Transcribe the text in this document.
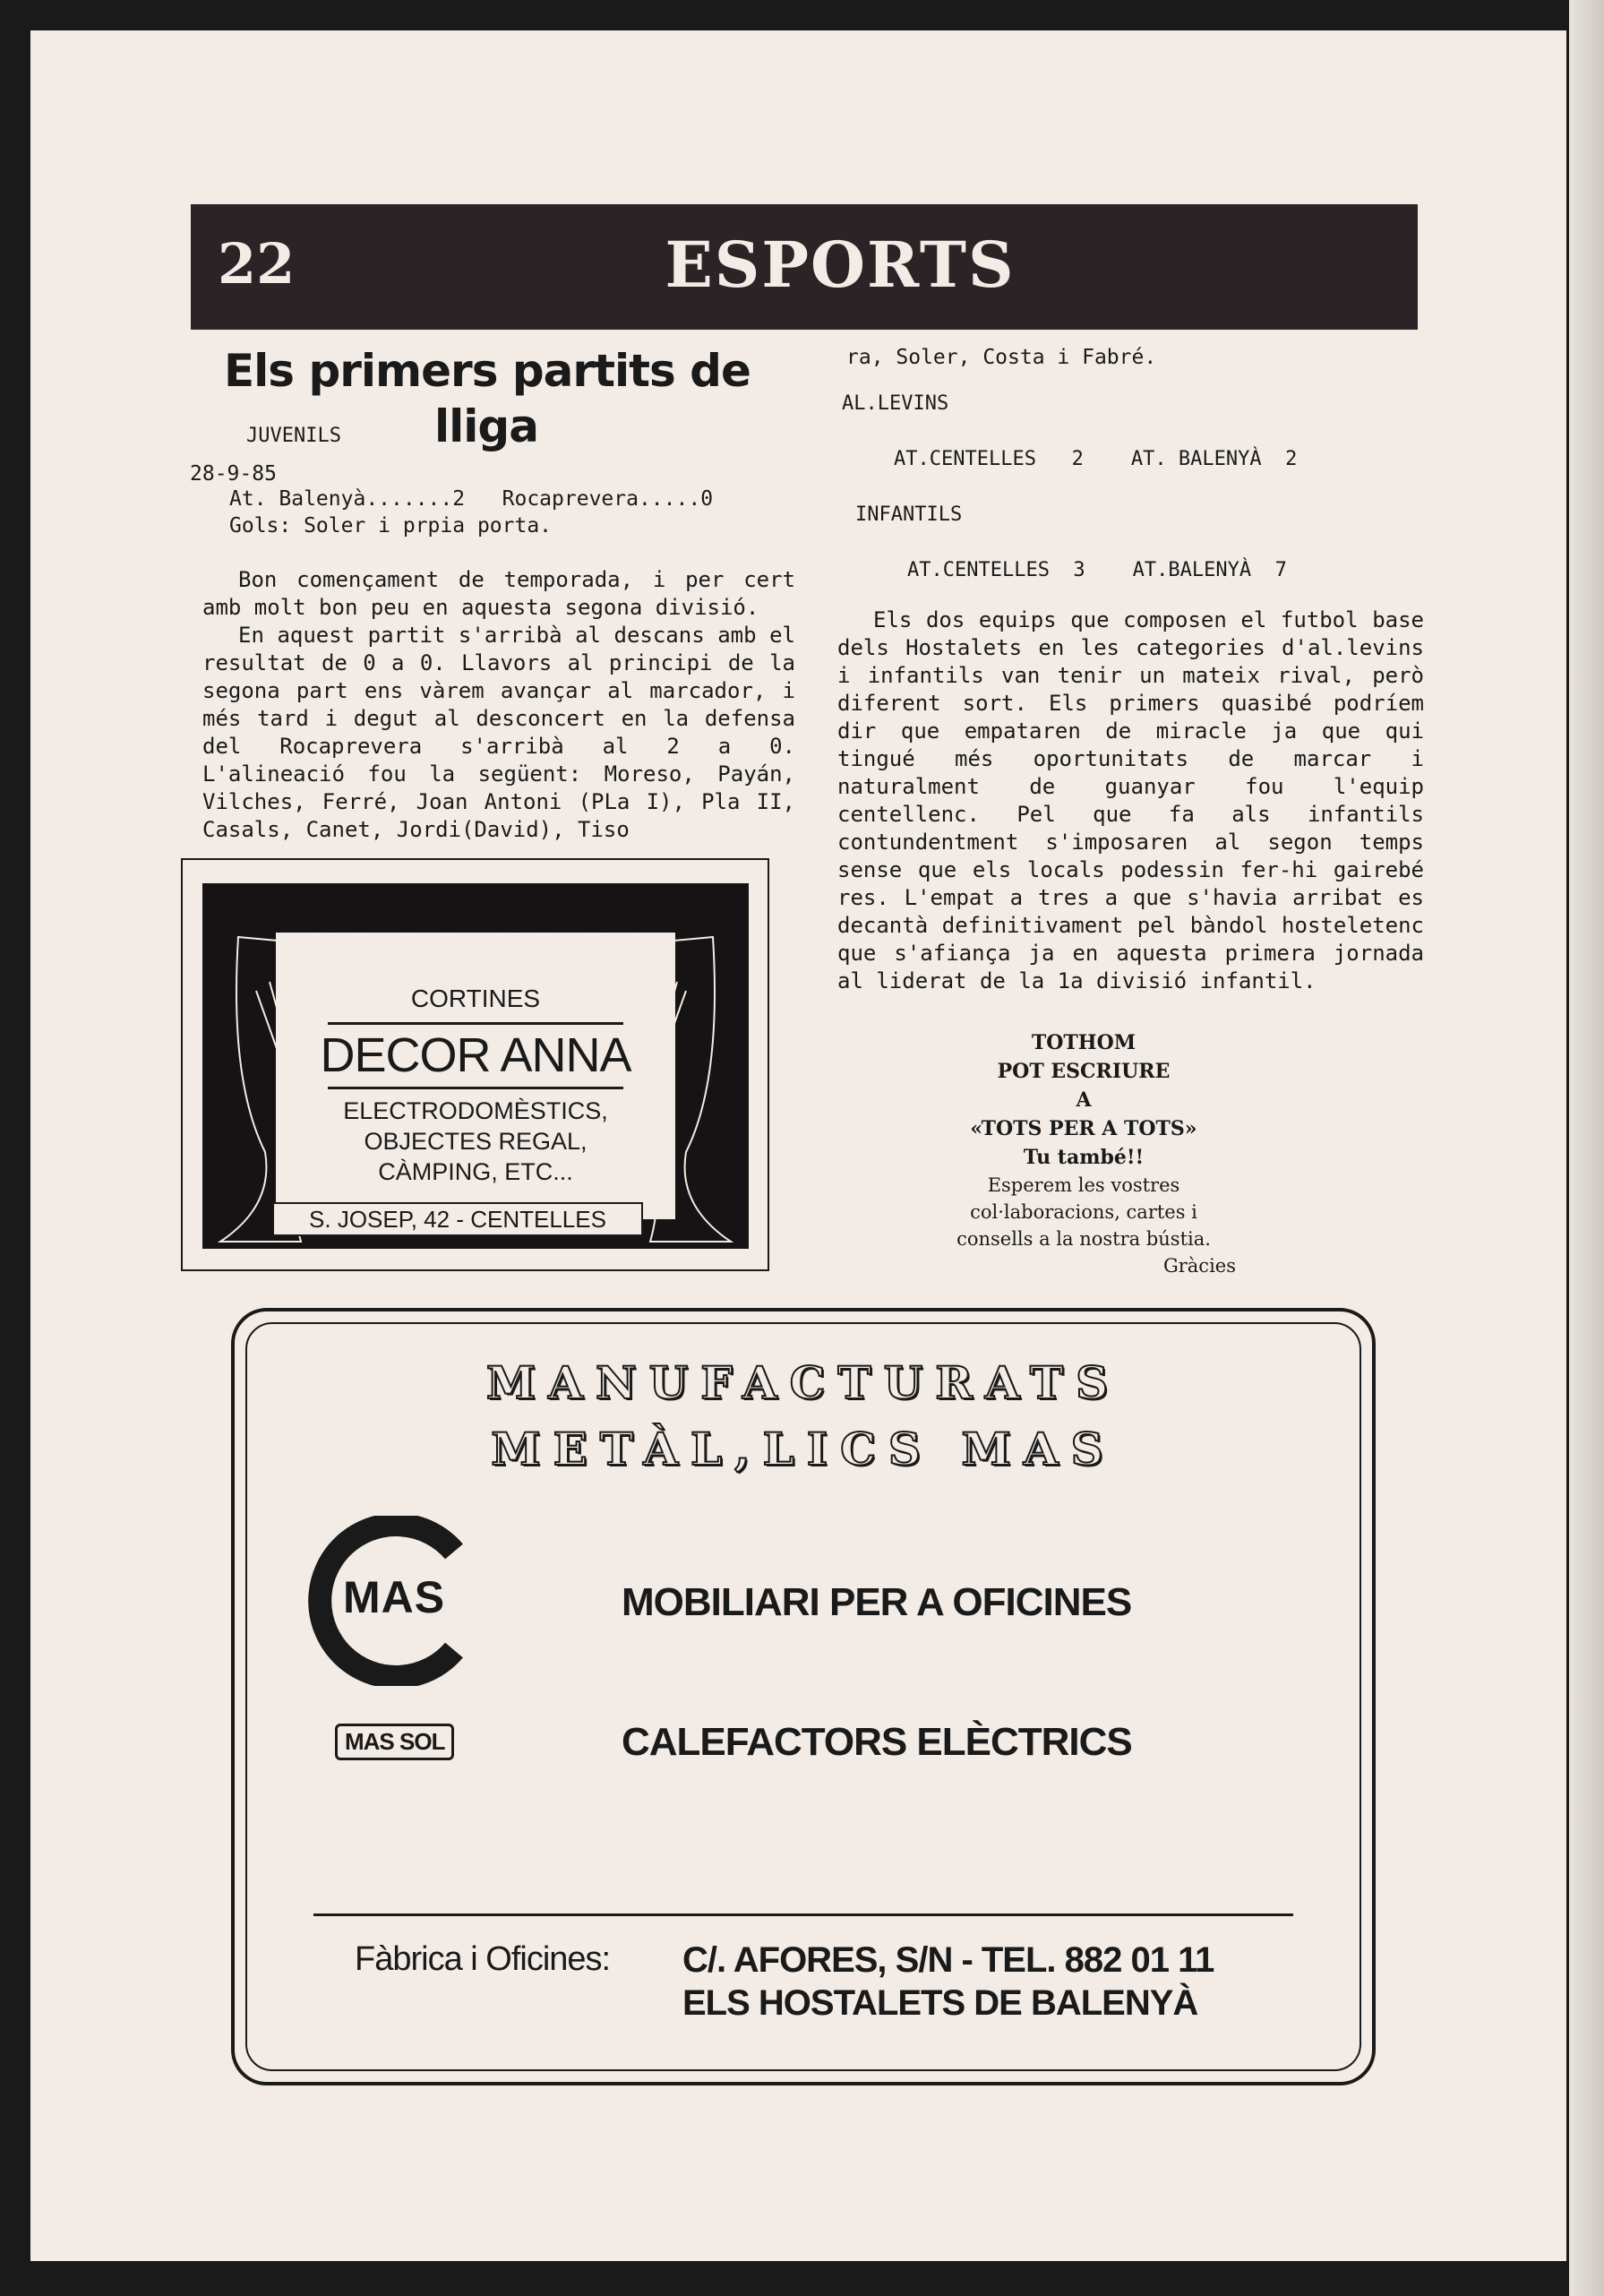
22	ESPORTS
Els primers partits de
lliga
JUVENILS
28-9-85
At. Balenyà.......2   Rocaprevera.....0
Gols: Soler i prpia porta.

Bon començament de temporada, i per cert amb molt bon peu en aquesta segona divisió.

En aquest partit s'arribà al descans amb el resultat de 0 a 0. Llavors al principi de la segona part ens vàrem avançar al marcador, i més tard i degut al desconcert en la defensa del Rocaprevera s'arribà al 2 a 0. L'alineació fou la següent: Moreso, Payán, Vilches, Ferré, Joan Antoni (PLa I), Pla II, Casals, Canet, Jordi(David), Tiso

CORTINES
DECOR ANNA
ELECTRODOMÈSTICS,
OBJECTES REGAL,
CÀMPING, ETC...
S. JOSEP, 42 - CENTELLES
ra, Soler, Costa i Fabré.
AL.LEVINS
AT.CENTELLES   2    AT. BALENYÀ  2
INFANTILS
AT.CENTELLES  3    AT.BALENYÀ  7

Els dos equips que composen el futbol base dels Hostalets en les categories d'al.levins i infantils van tenir un mateix rival, però diferent sort. Els primers quasibé podríem dir que empataren de miracle ja que qui tingué més oportunitats de marcar i naturalment de guanyar fou l'equip centellenc. Pel que fa als infantils contundentment s'imposaren al segon temps sense que els locals podessin fer-hi gairebé res. L'empat a tres a que s'havia arribat es decantà definitivament pel bàndol hosteletenc que s'afiança ja en aquesta primera jornada al liderat de la 1a divisió infantil.

TOTHOM
POT ESCRIURE
A
«TOTS PER A TOTS»
Tu també!!
Esperem les vostres
col·laboracions, cartes i
consells a la nostra bústia.
Gràcies
MANUFACTURATS
METÀL,LICS MAS
MAS
MAS SOL
MOBILIARI PER A OFICINES
CALEFACTORS ELÈCTRICS
Fàbrica i Oficines: C/. AFORES, S/N - TEL. 882 01 11
ELS HOSTALETS DE BALENYÀ
